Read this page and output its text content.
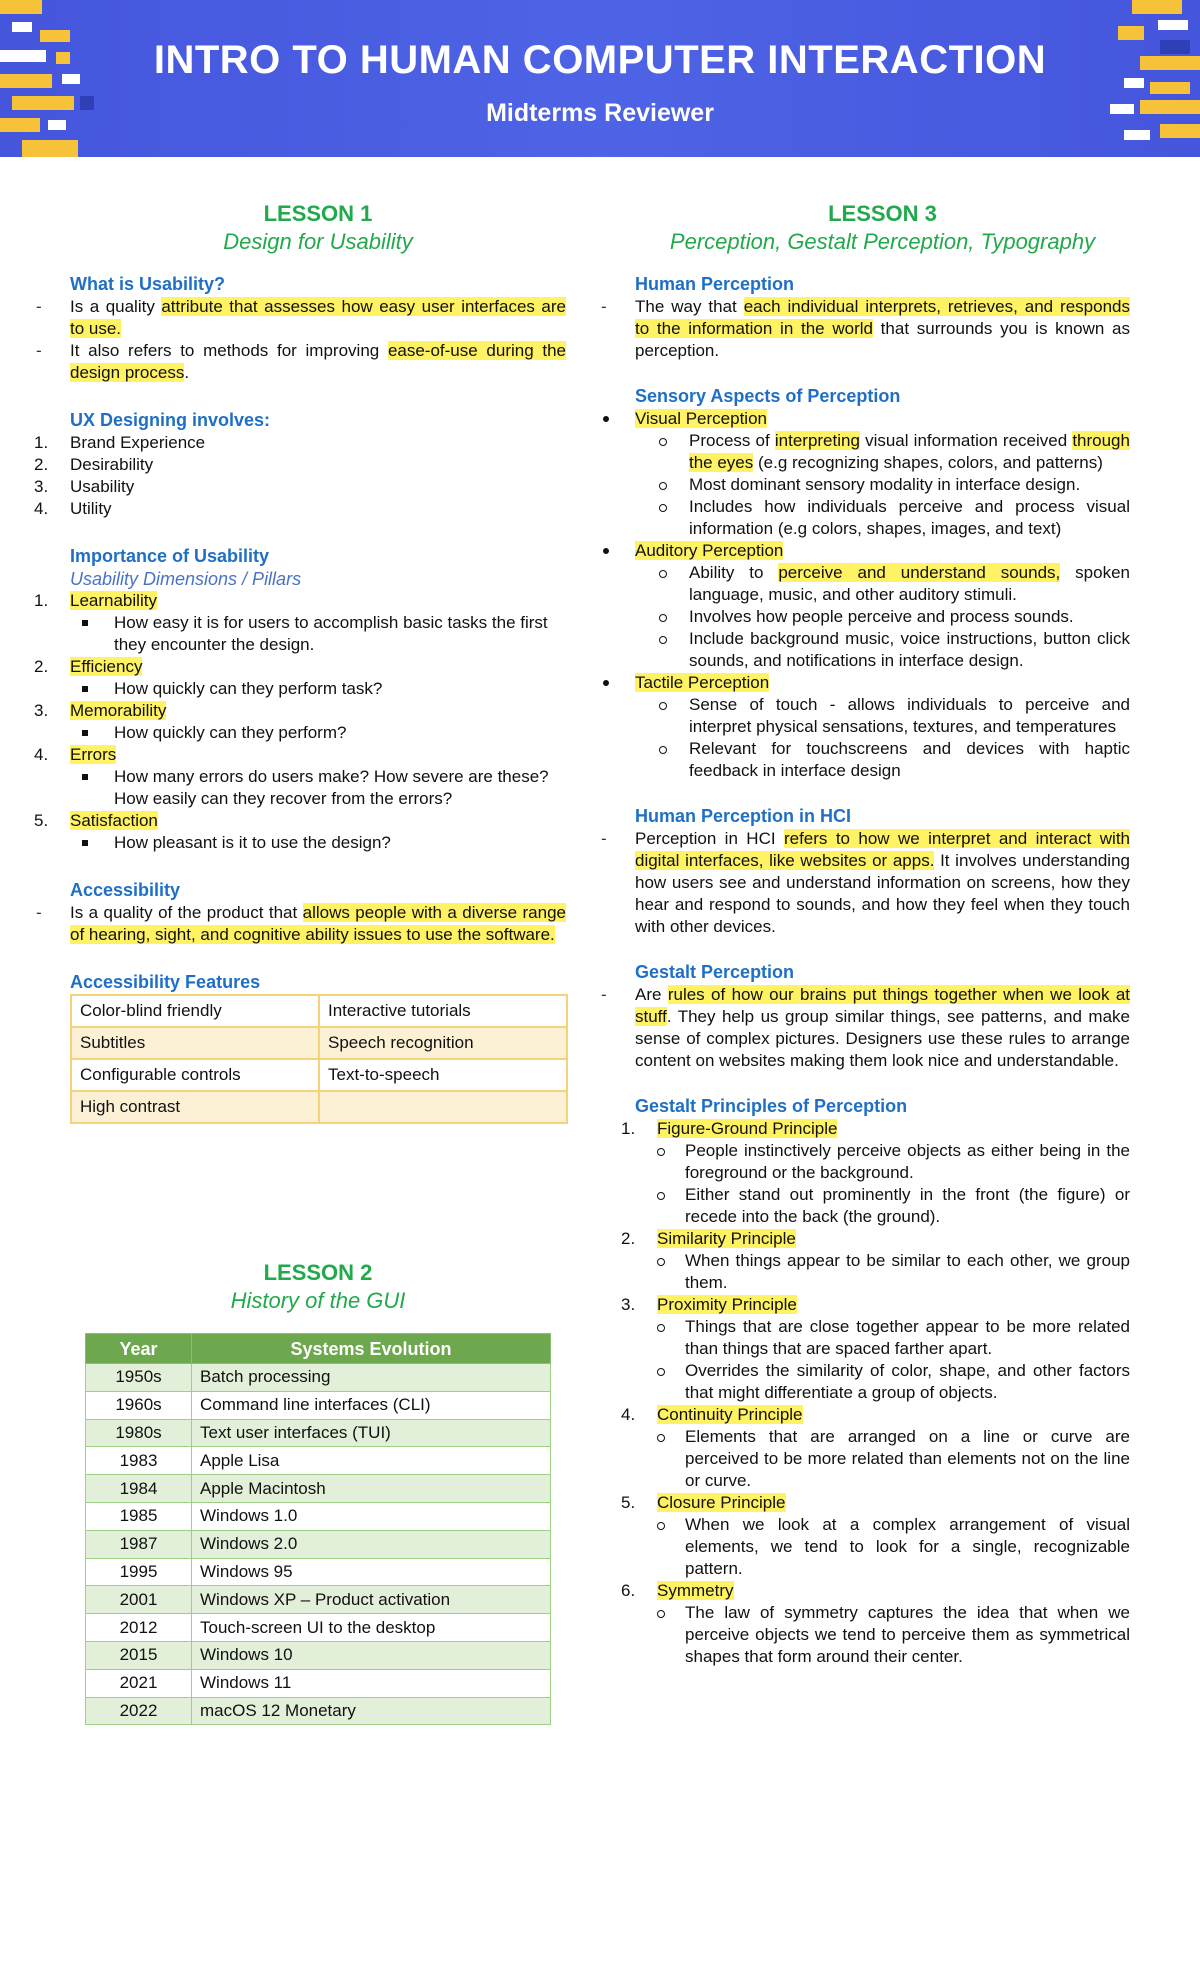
INTRO TO HUMAN COMPUTER INTERACTION
Midterms Reviewer
LESSON 1
Design for Usability
What is Usability?
- Is a quality attribute that assesses how easy user interfaces are to use.
- It also refers to methods for improving ease-of-use during the design process.
UX Designing involves:
1. Brand Experience
2. Desirability
3. Usability
4. Utility
Importance of Usability
Usability Dimensions / Pillars
1. Learnability
How easy it is for users to accomplish basic tasks the first they encounter the design.
2. Efficiency
How quickly can they perform task?
3. Memorability
How quickly can they perform?
4. Errors
How many errors do users make? How severe are these? How easily can they recover from the errors?
5. Satisfaction
How pleasant is it to use the design?
Accessibility
- Is a quality of the product that allows people with a diverse range of hearing, sight, and cognitive ability issues to use the software.
Accessibility Features
Color-blind friendly	Interactive tutorials
Subtitles	Speech recognition
Configurable controls	Text-to-speech
High contrast	
LESSON 2
History of the GUI
Year	Systems Evolution
1950s	Batch processing
1960s	Command line interfaces (CLI)
1980s	Text user interfaces (TUI)
1983	Apple Lisa
1984	Apple Macintosh
1985	Windows 1.0
1987	Windows 2.0
1995	Windows 95
2001	Windows XP – Product activation
2012	Touch-screen UI to the desktop
2015	Windows 10
2021	Windows 11
2022	macOS 12 Monetary
LESSON 3
Perception, Gestalt Perception, Typography
Human Perception
- The way that each individual interprets, retrieves, and responds to the information in the world that surrounds you is known as perception.
Sensory Aspects of Perception
Visual Perception
Process of interpreting visual information received through the eyes (e.g recognizing shapes, colors, and patterns)
Most dominant sensory modality in interface design.
Includes how individuals perceive and process visual information (e.g colors, shapes, images, and text)
Auditory Perception
Ability to perceive and understand sounds, spoken language, music, and other auditory stimuli.
Involves how people perceive and process sounds.
Include background music, voice instructions, button click sounds, and notifications in interface design.
Tactile Perception
Sense of touch - allows individuals to perceive and interpret physical sensations, textures, and temperatures
Relevant for touchscreens and devices with haptic feedback in interface design
Human Perception in HCI
- Perception in HCI refers to how we interpret and interact with digital interfaces, like websites or apps. It involves understanding how users see and understand information on screens, how they hear and respond to sounds, and how they feel when they touch with other devices.
Gestalt Perception
- Are rules of how our brains put things together when we look at stuff. They help us group similar things, see patterns, and make sense of complex pictures. Designers use these rules to arrange content on websites making them look nice and understandable.
Gestalt Principles of Perception
1. Figure-Ground Principle
People instinctively perceive objects as either being in the foreground or the background.
Either stand out prominently in the front (the figure) or recede into the back (the ground).
2. Similarity Principle
When things appear to be similar to each other, we group them.
3. Proximity Principle
Things that are close together appear to be more related than things that are spaced farther apart.
Overrides the similarity of color, shape, and other factors that might differentiate a group of objects.
4. Continuity Principle
Elements that are arranged on a line or curve are perceived to be more related than elements not on the line or curve.
5. Closure Principle
When we look at a complex arrangement of visual elements, we tend to look for a single, recognizable pattern.
6. Symmetry
The law of symmetry captures the idea that when we perceive objects we tend to perceive them as symmetrical shapes that form around their center.
